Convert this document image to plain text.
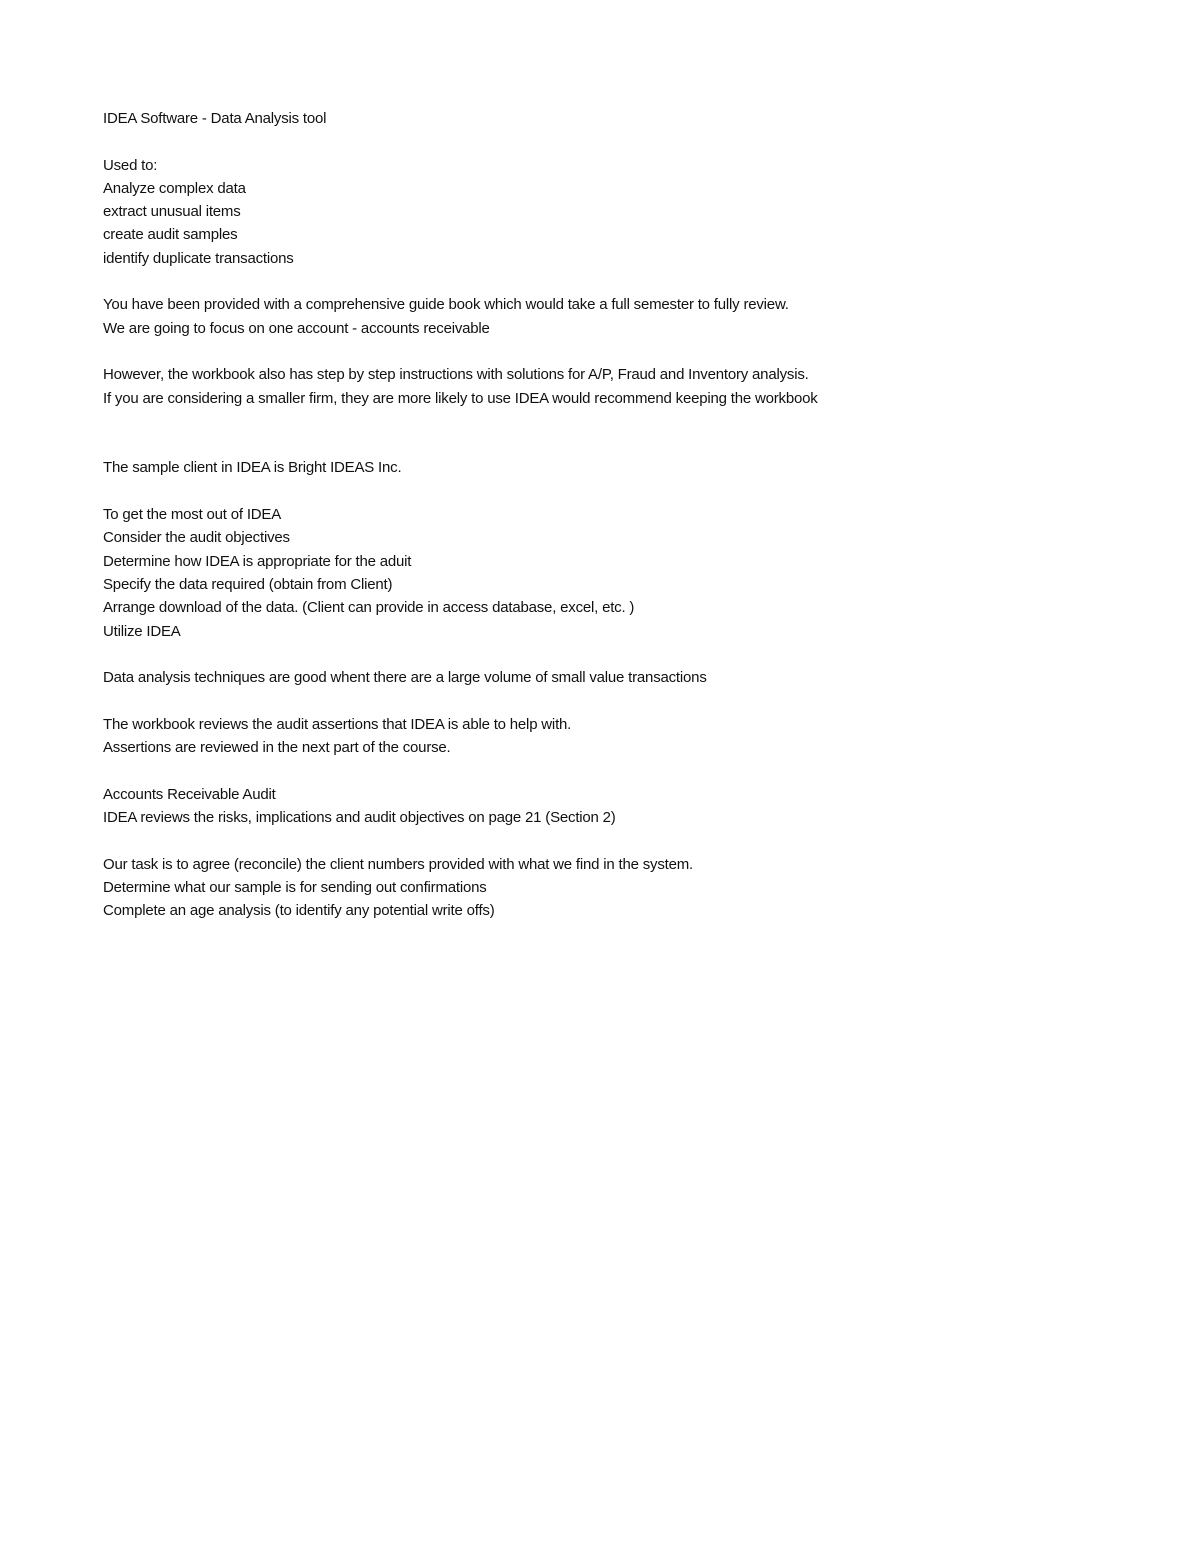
IDEA Software - Data Analysis tool
Used to:
Analyze complex data
extract unusual items
create audit samples
identify duplicate transactions
You have been provided with a comprehensive guide book which would take a full semester to fully review.
We are going to focus on one account - accounts receivable
However, the workbook also has step by step instructions with solutions for A/P, Fraud and Inventory analysis.
If you are considering a smaller firm, they are more likely to use IDEA would recommend keeping the workbook
The sample client in IDEA is Bright IDEAS Inc.
To get the most out of IDEA
Consider the audit objectives
Determine how IDEA is appropriate for the aduit
Specify the data required (obtain from Client)
Arrange download of the data. (Client can provide in access database, excel, etc. )
Utilize IDEA
Data analysis techniques are good whent there are a large volume of small value transactions
The workbook reviews the audit assertions that IDEA is able to help with.
Assertions are reviewed in the next part of the course.
Accounts Receivable Audit
IDEA reviews the risks, implications and audit objectives on page 21 (Section 2)
Our task is to agree (reconcile) the client numbers provided with what we find in the system.
Determine what our sample is for sending out confirmations
Complete an age analysis (to identify any potential write offs)
